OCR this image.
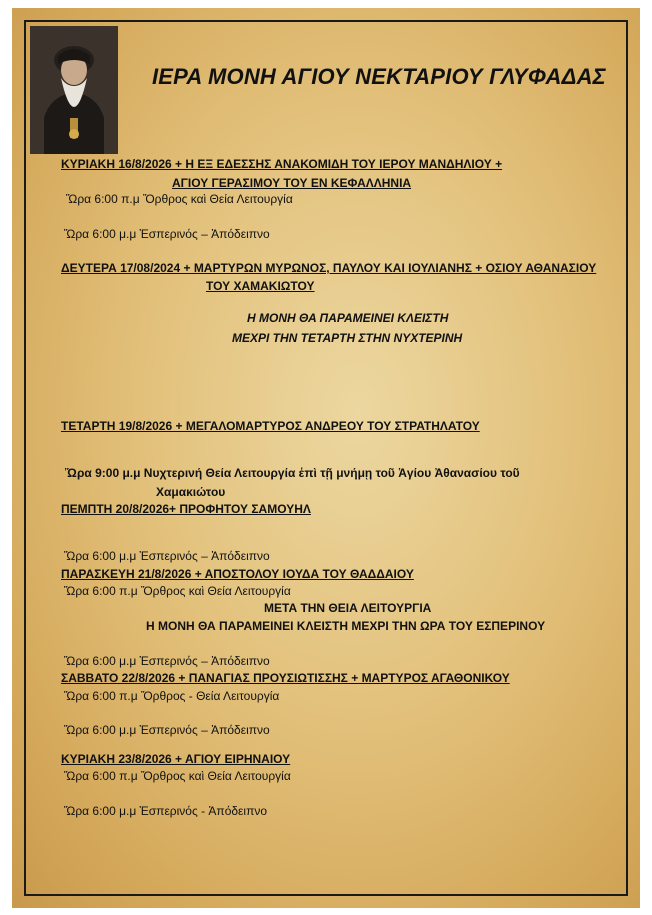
ΙΕΡΑ ΜΟΝΗ ΑΓΙΟΥ ΝΕΚΤΑΡΙΟΥ ΓΛΥΦΑΔΑΣ
ΚΥΡΙΑΚΗ 16/8/2026 + Η ΕΞ ΕΔΕΣΣΗΣ ΑΝΑΚΟΜΙΔΗ ΤΟΥ ΙΕΡΟΥ ΜΑΝΔΗΛΙΟΥ +
ΑΓΙΟΥ ΓΕΡΑΣΙΜΟΥ ΤΟΥ ΕΝ ΚΕΦΑΛΛΗΝΙΑ
Ὥρα 6:00 π.μ Ὄρθρος καὶ Θεία Λειτουργία
Ὥρα 6:00 μ.μ Ἑσπερινός – Ἀπόδειπνο
ΔΕΥΤΕΡΑ 17/08/2024 + ΜΑΡΤΥΡΩΝ ΜΥΡΩΝΟΣ, ΠΑΥΛΟΥ ΚΑΙ ΙΟΥΛΙΑΝΗΣ + ΟΣΙΟΥ ΑΘΑΝΑΣΙΟΥ
ΤΟΥ ΧΑΜΑΚΙΩΤΟΥ
Η ΜΟΝΗ ΘΑ ΠΑΡΑΜΕΙΝΕΙ ΚΛΕΙΣΤΗ
ΜΕΧΡΙ ΤΗΝ ΤΕΤΑΡΤΗ ΣΤΗΝ ΝΥΧΤΕΡΙΝΗ
ΤΕΤΑΡΤΗ 19/8/2026 + ΜΕΓΑΛΟΜΑΡΤΥΡΟΣ ΑΝΔΡΕΟΥ ΤΟΥ ΣΤΡΑΤΗΛΑΤΟΥ
Ὥρα 9:00 μ.μ Νυχτερινή Θεία Λειτουργία ἐπὶ τῇ μνήμῃ τοῦ Ἁγίου Ἀθανασίου τοῦ
Χαμακιώτου
ΠΕΜΠΤΗ 20/8/2026+ ΠΡΟΦΗΤΟΥ ΣΑΜΟΥΗΛ
Ὥρα 6:00 μ.μ Ἑσπερινός – Ἀπόδειπνο
ΠΑΡΑΣΚΕΥΗ 21/8/2026 + ΑΠΟΣΤΟΛΟΥ ΙΟΥΔΑ ΤΟΥ ΘΑΔΔΑΙΟΥ
Ὥρα 6:00 π.μ Ὄρθρος καὶ Θεία Λειτουργία
ΜΕΤΑ ΤΗΝ ΘΕΙΑ ΛΕΙΤΟΥΡΓΙΑ
Η ΜΟΝΗ ΘΑ ΠΑΡΑΜΕΙΝΕΙ ΚΛΕΙΣΤΗ ΜΕΧΡΙ ΤΗΝ ΩΡΑ ΤΟΥ ΕΣΠΕΡΙΝΟΥ
Ὥρα 6:00 μ.μ Ἑσπερινός – Ἀπόδειπνο
ΣΑΒΒΑΤΟ 22/8/2026 + ΠΑΝΑΓΙΑΣ ΠΡΟΥΣΙΩΤΙΣΣΗΣ + ΜΑΡΤΥΡΟΣ ΑΓΑΘΟΝΙΚΟΥ
Ὥρα 6:00 π.μ Ὄρθρος - Θεία Λειτουργία
Ὥρα 6:00 μ.μ Ἑσπερινός – Ἀπόδειπνο
ΚΥΡΙΑΚΗ 23/8/2026 + ΑΓΙΟΥ ΕΙΡΗΝΑΙΟΥ
Ὥρα 6:00 π.μ Ὄρθρος καὶ Θεία Λειτουργία
Ὥρα 6:00 μ.μ Ἑσπερινός - Ἀπόδειπνο
